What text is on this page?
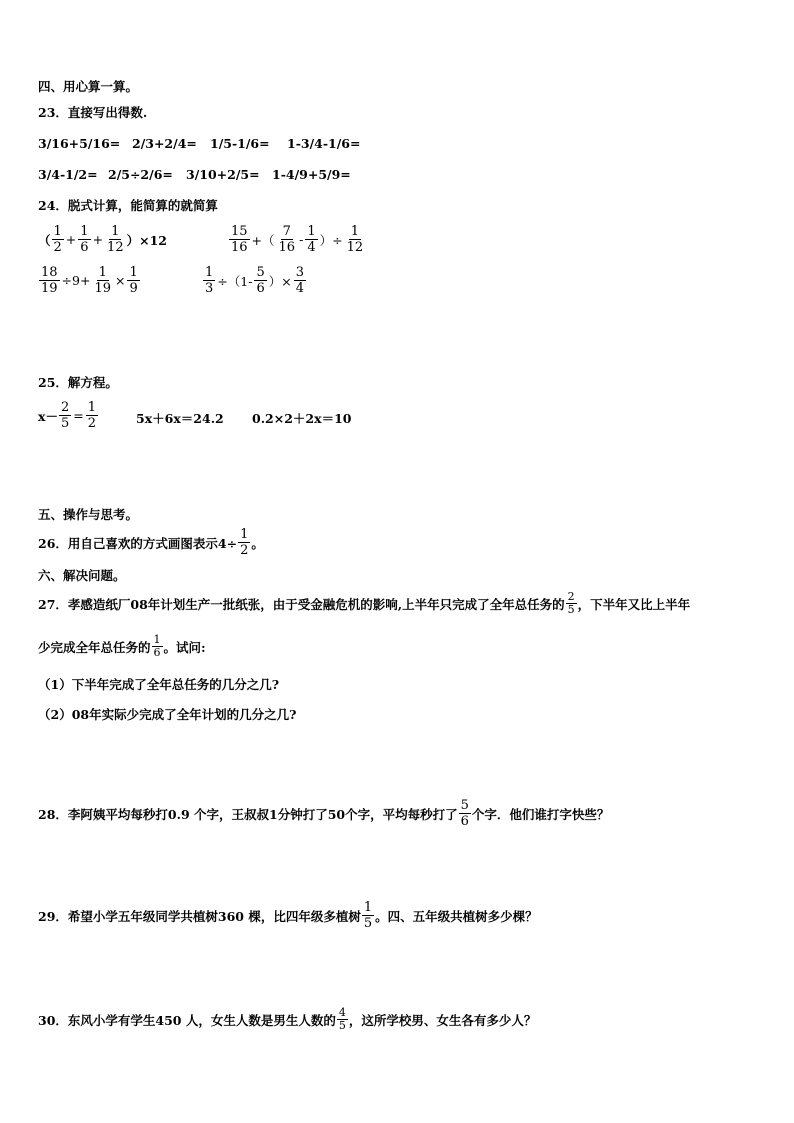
四、用心算一算。
23．直接写出得数.
3/16+5/16= 2/3+2/4= 1/5-1/6= 1-3/4-1/6=
3/4-1/2= 2/5÷2/6= 3/10+2/5= 1-4/9+5/9=
24．脱式计算，能简算的就简算
（ $\frac{1}{2} + \frac{1}{6} + \frac{1}{12} )\times 12$	$\frac{15}{16}$ +（ $\frac{7}{16} - \frac{1}{4}$ ）÷ $\frac{1}{12}$
$\frac{18}{19} \div 9+ \frac{1}{19} \times \frac{1}{9}$	$\frac{1}{3} \div(1- \frac{5}{6}$ ）× $\frac{3}{4}$
25．解方程。
$x- \frac{2}{5} = \frac{1}{2}$	5x＋6x＝24.2 0.2×2＋2x＝10
五、操作与思考。
26．用自己喜欢的方式画图表示$4\div \frac{1}{2}$ 。
六、解决问题。
27．孝感造纸厂08年计划生产一批纸张，由于受金融危机的影响,上半年只完成了全年总任务的 $\frac{2}{5}$ ，下半年又比上半年
少完成全年总任务的 $\frac{1}{6}$ 。试问:
（1）下半年完成了全年总任务的几分之几?
（2）08年实际少完成了全年计划的几分之几?
28．李阿姨平均每秒打0.9 个字，王叔叔1分钟打了50个字，平均每秒打了 $\frac{5}{6}$ 个字．他们谁打字快些？
29．希望小学五年级同学共植树360 棵，比四年级多植树 $\frac{1}{5}$ 。四、五年级共植树多少棵？
30．东风小学有学生450 人，女生人数是男生人数的 $\frac{4}{5}$ ，这所学校男、女生各有多少人？
